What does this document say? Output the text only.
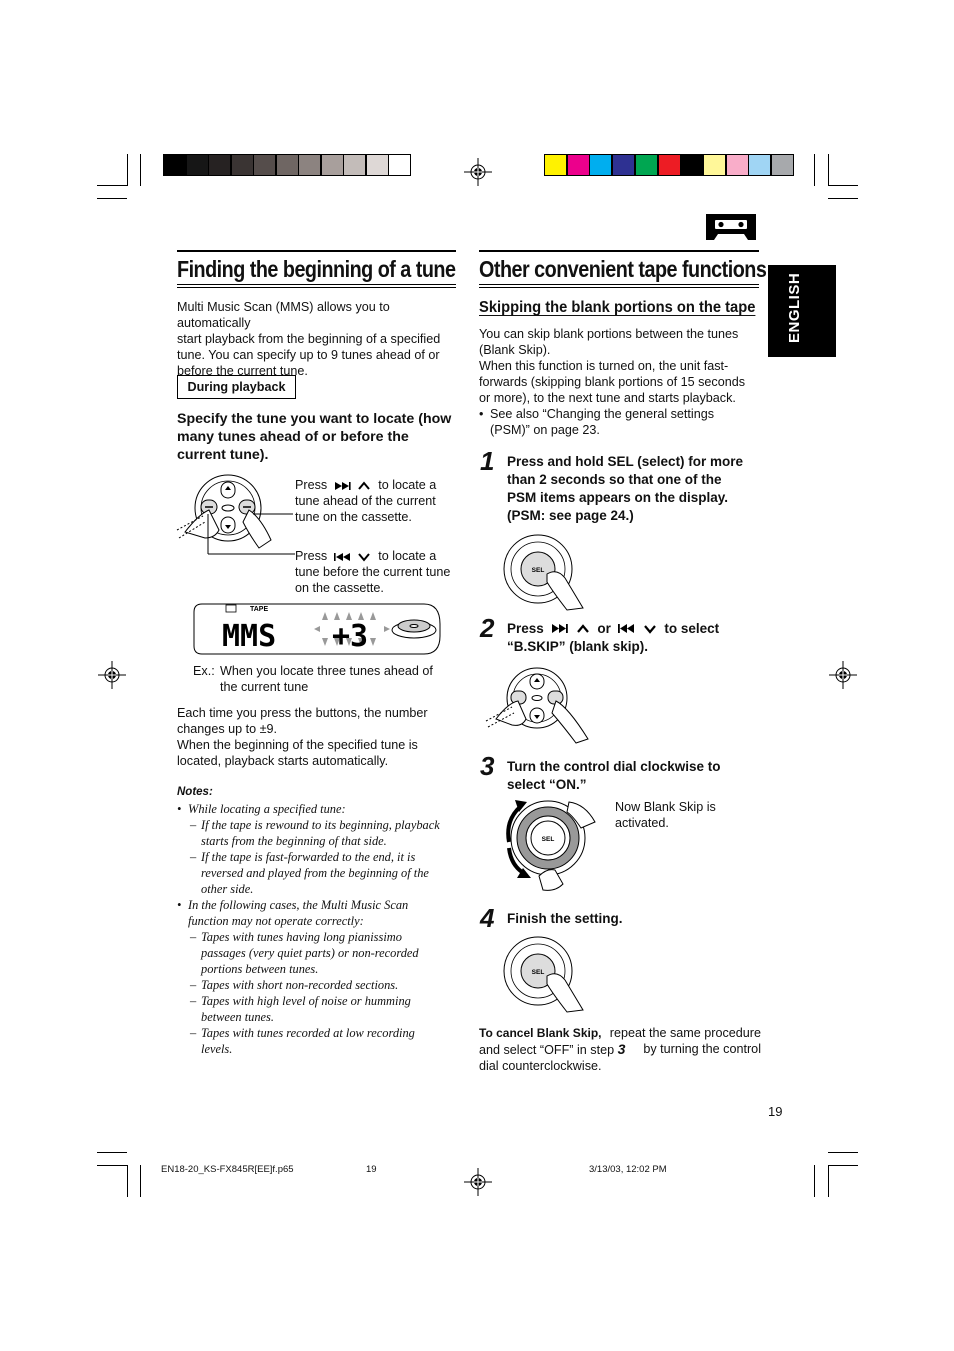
ENGLISH
Finding the beginning of a tune
Multi Music Scan (MMS) allows you to automatically
start playback from the beginning of a specified
tune. You can specify up to 9 tunes ahead of or
before the current tune.
During playback
Specify the tune you want to locate (how
many tunes ahead of or before the
current tune).
Press	to locate a
tune ahead of the current
tune on the cassette.
Press	to locate a
tune before the current tune
on the cassette.
TAPE
MMS +3
Ex.: When you locate three tunes ahead of
the current tune
Each time you press the buttons, the number
changes up to ±9.
When the beginning of the specified tune is
located, playback starts automatically.
Notes:
• While locating a specified tune:
– If the tape is rewound to its beginning, playback
starts from the beginning of that side.
– If the tape is fast-forwarded to the end, it is
reversed and played from the beginning of the
other side.
• In the following cases, the Multi Music Scan
function may not operate correctly:
– Tapes with tunes having long pianissimo
passages (very quiet parts) or non-recorded
portions between tunes.
– Tapes with short non-recorded sections.
– Tapes with high level of noise or humming
between tunes.
– Tapes with tunes recorded at low recording
levels.
Other convenient tape functions
Skipping the blank portions on the tape
You can skip blank portions between the tunes
(Blank Skip).
When this function is turned on, the unit fast-
forwards (skipping blank portions of 15 seconds
or more), to the next tune and starts playback.
• See also “Changing the general settings
(PSM)” on page 23.
1 Press and hold SEL (select) for more
than 2 seconds so that one of the
PSM items appears on the display.
(PSM: see page 24.)
SEL
2 Press	or	to select
“B.SKIP” (blank skip).
3 Turn the control dial clockwise to
select “ON.”
Now Blank Skip is
activated.
SEL
4 Finish the setting.
SEL
To cancel Blank Skip, repeat the same procedure
and select “OFF” in step 3 by turning the control
dial counterclockwise.
19
EN18-20_KS-FX845R[EE]f.p65	19	3/13/03, 12:02 PM
